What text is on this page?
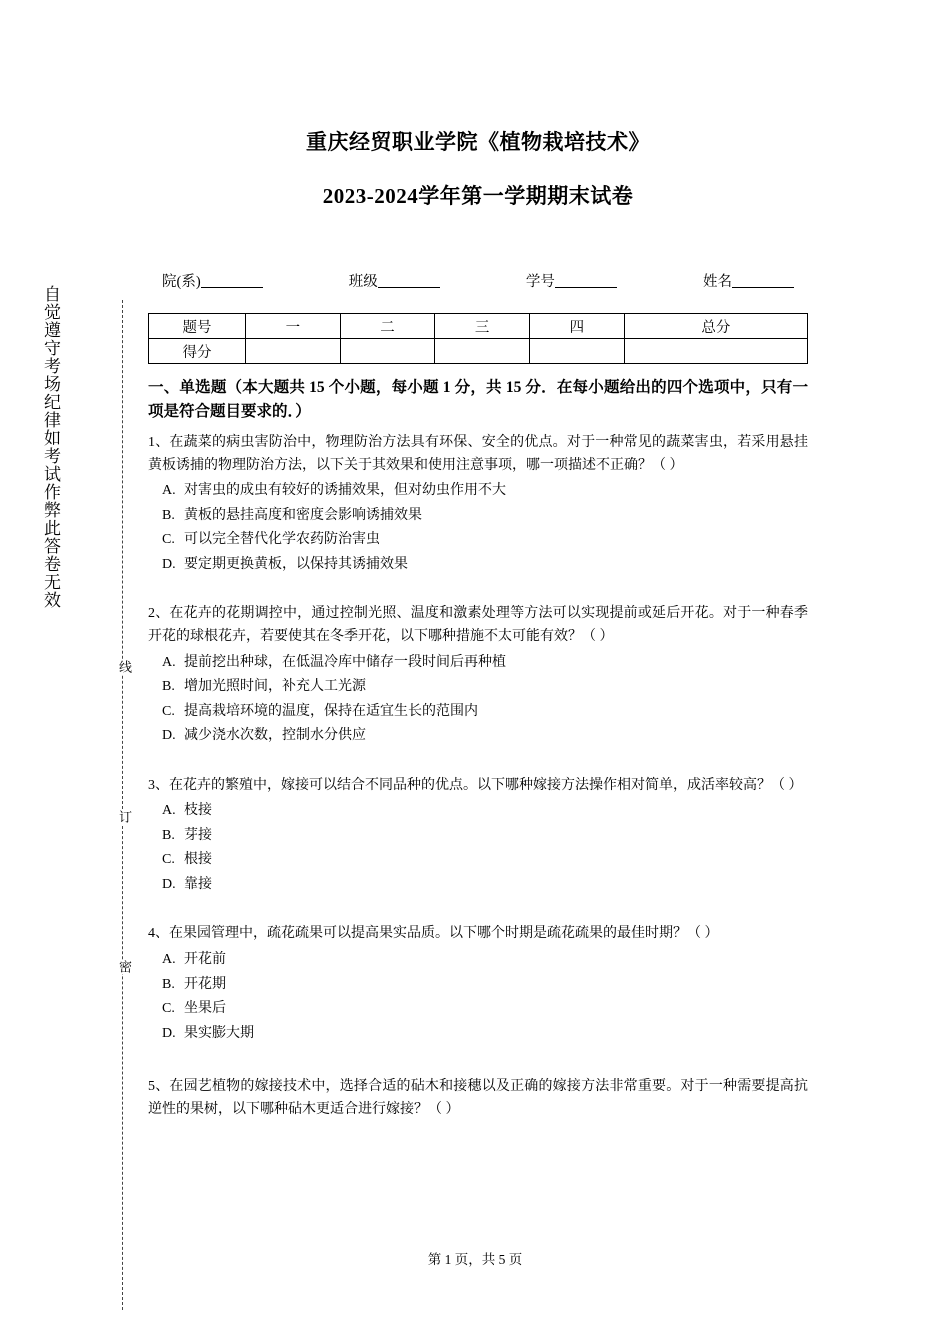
自觉遵守考场纪律如考试作弊此答卷无效
线
订
密
重庆经贸职业学院《植物栽培技术》
2023-2024学年第一学期期末试卷
院(系)	班级	学号	姓名
题号	一	二	三	四	总分
得分					
一、单选题（本大题共 15 个小题，每小题 1 分，共 15 分．在每小题给出的四个选项中，只有一项是符合题目要求的．）
1、在蔬菜的病虫害防治中，物理防治方法具有环保、安全的优点。对于一种常见的蔬菜害虫，若采用悬挂黄板诱捕的物理防治方法，以下关于其效果和使用注意事项，哪一项描述不正确？（ ）
A. 对害虫的成虫有较好的诱捕效果，但对幼虫作用不大
B. 黄板的悬挂高度和密度会影响诱捕效果
C. 可以完全替代化学农药防治害虫
D. 要定期更换黄板，以保持其诱捕效果
2、在花卉的花期调控中，通过控制光照、温度和激素处理等方法可以实现提前或延后开花。对于一种春季开花的球根花卉，若要使其在冬季开花，以下哪种措施不太可能有效？（ ）
A. 提前挖出种球，在低温冷库中储存一段时间后再种植
B. 增加光照时间，补充人工光源
C. 提高栽培环境的温度，保持在适宜生长的范围内
D. 减少浇水次数，控制水分供应
3、在花卉的繁殖中，嫁接可以结合不同品种的优点。以下哪种嫁接方法操作相对简单，成活率较高？（ ）
A. 枝接
B. 芽接
C. 根接
D. 靠接
4、在果园管理中，疏花疏果可以提高果实品质。以下哪个时期是疏花疏果的最佳时期？（ ）
A. 开花前
B. 开花期
C. 坐果后
D. 果实膨大期
5、在园艺植物的嫁接技术中，选择合适的砧木和接穗以及正确的嫁接方法非常重要。对于一种需要提高抗逆性的果树，以下哪种砧木更适合进行嫁接？（ ）
第 1 页，共 5 页
